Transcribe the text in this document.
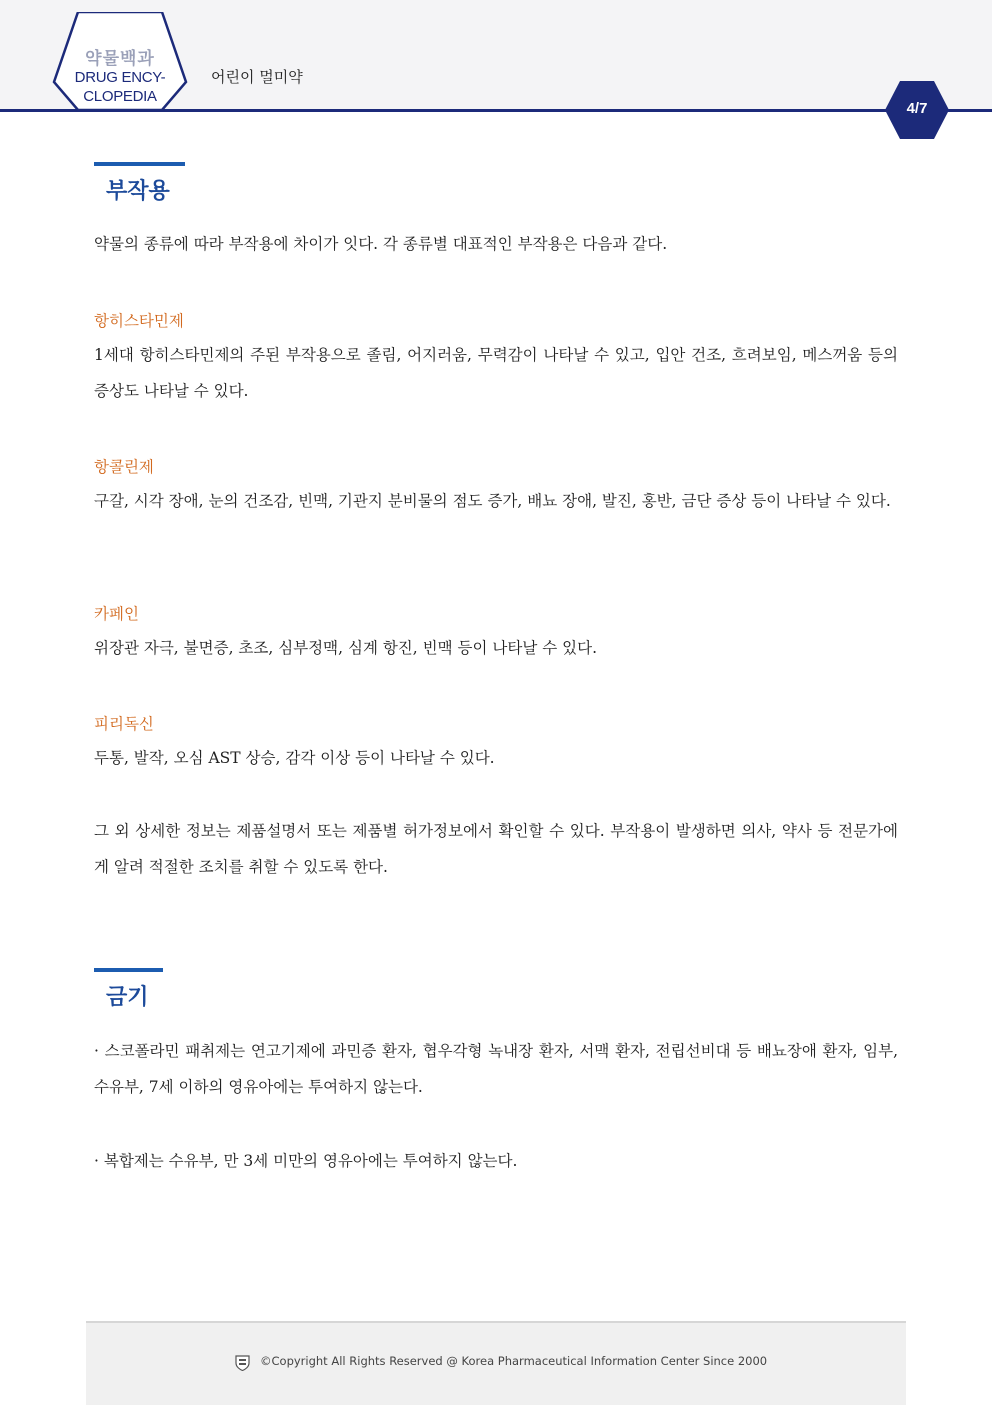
약물백과
DRUG ENCY-
CLOPEDIA
어린이 멀미약
4/7
부작용
약물의 종류에 따라 부작용에 차이가 잇다. 각 종류별 대표적인 부작용은 다음과 같다.
항히스타민제
1세대 항히스타민제의 주된 부작용으로 졸림, 어지러움, 무력감이 나타날 수 있고, 입안 건조, 흐려보임, 메스꺼움 등의 증상도 나타날 수 있다.
항콜린제
구갈, 시각 장애, 눈의 건조감, 빈맥, 기관지 분비물의 점도 증가, 배뇨 장애, 발진, 홍반, 금단 증상 등이 나타날 수 있다.
카페인
위장관 자극, 불면증, 초조, 심부정맥, 심계 항진, 빈맥 등이 나타날 수 있다.
피리독신
두통, 발작, 오심 AST 상승, 감각 이상 등이 나타날 수 있다.
그 외 상세한 정보는 제품설명서 또는 제품별 허가정보에서 확인할 수 있다. 부작용이 발생하면 의사, 약사 등 전문가에게 알려 적절한 조치를 취할 수 있도록 한다.
금기
· 스코폴라민 패취제는 연고기제에 과민증 환자, 협우각형 녹내장 환자, 서맥 환자, 전립선비대 등 배뇨장애 환자, 임부, 수유부, 7세 이하의 영유아에는 투여하지 않는다.
· 복합제는 수유부, 만 3세 미만의 영유아에는 투여하지 않는다.
©Copyright All Rights Reserved @ Korea Pharmaceutical Information Center Since 2000
